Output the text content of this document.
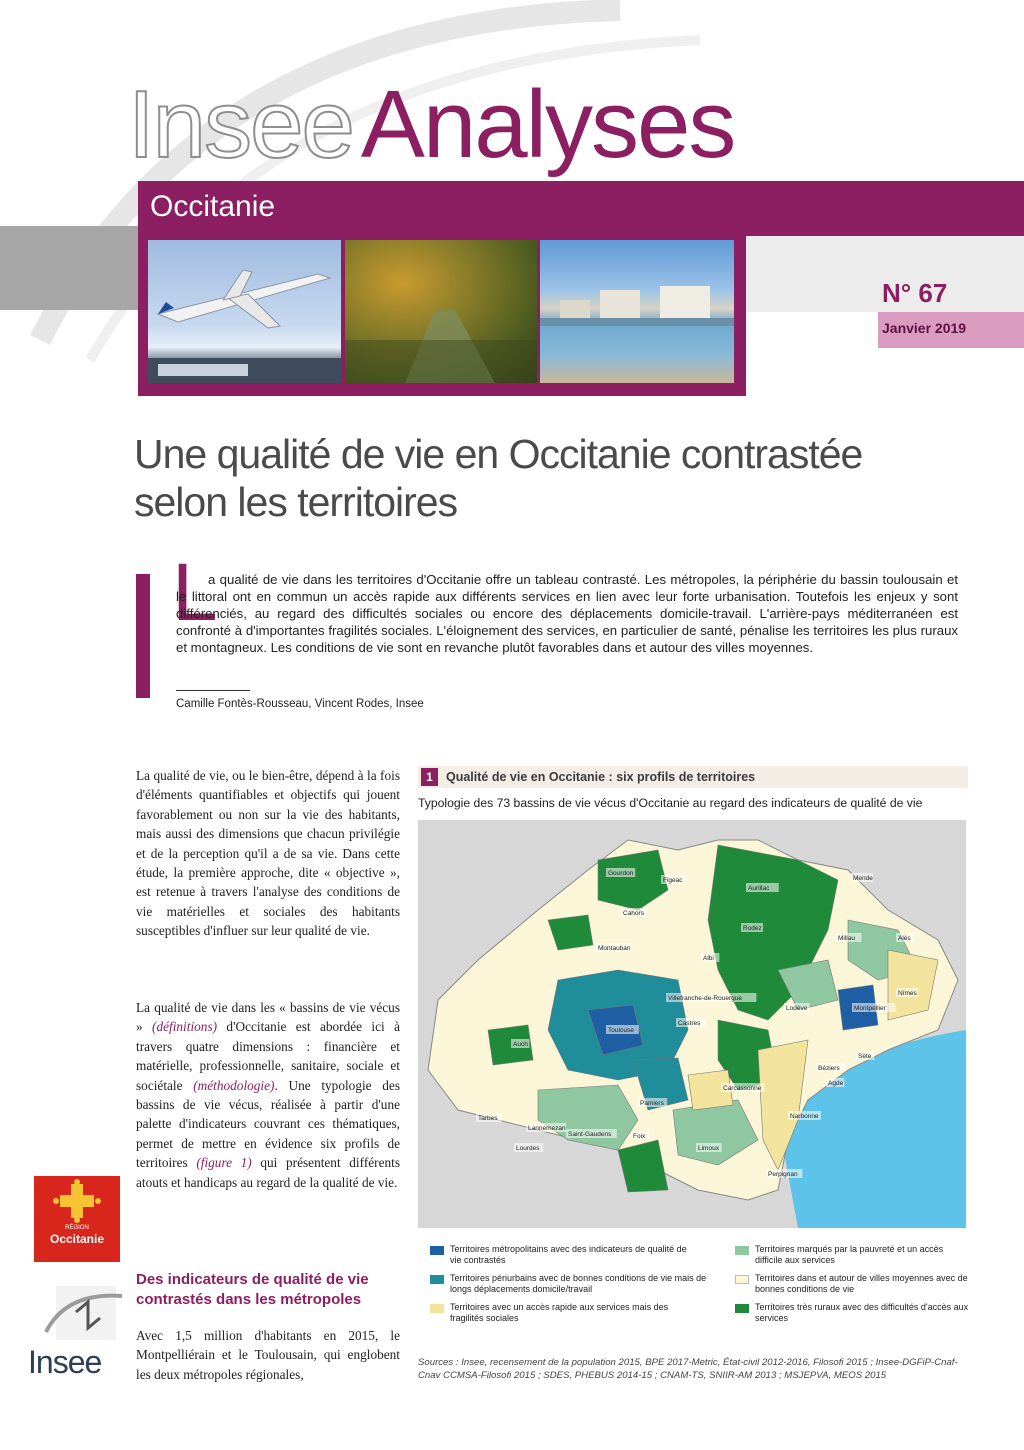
InseeAnalyses
Occitanie
N° 67
Janvier 2019
Une qualité de vie en Occitanie contrastée selon les territoires
L
a qualité de vie dans les territoires d'Occitanie offre un tableau contrasté. Les métropoles, la périphérie du bassin toulousain et le littoral ont en commun un accès rapide aux différents services en lien avec leur forte urbanisation. Toutefois les enjeux y sont différenciés, au regard des difficultés sociales ou encore des déplacements domicile-travail. L'arrière-pays méditerranéen est confronté à d'importantes fragilités sociales. L'éloignement des services, en particulier de santé, pénalise les territoires les plus ruraux et montagneux. Les conditions de vie sont en revanche plutôt favorables dans et autour des villes moyennes.
Camille Fontès-Rousseau, Vincent Rodes, Insee
La qualité de vie, ou le bien-être, dépend à la fois d'éléments quantifiables et objectifs qui jouent favorablement ou non sur la vie des habitants, mais aussi des dimensions que chacun privilégie et de la perception qu'il a de sa vie. Dans cette étude, la première approche, dite « objective », est retenue à travers l'analyse des conditions de vie matérielles et sociales des habitants susceptibles d'influer sur leur qualité de vie.
La qualité de vie dans les « bassins de vie vécus » (définitions) d'Occitanie est abordée ici à travers quatre dimensions : financière et matérielle, professionnelle, sanitaire, sociale et sociétale (méthodologie). Une typologie des bassins de vie vécus, réalisée à partir d'une palette d'indicateurs couvrant ces thématiques, permet de mettre en évidence six profils de territoires (figure 1) qui présentent différents atouts et handicaps au regard de la qualité de vie.
Des indicateurs de qualité de vie contrastés dans les métropoles
Avec 1,5 million d'habitants en 2015, le Montpelliérain et le Toulousain, qui englobent les deux métropoles régionales,
RÉGION
Occitanie
Insee
1	Qualité de vie en Occitanie : six profils de territoires
Typologie des 73 bassins de vie vécus d'Occitanie au regard des indicateurs de qualité de vie
Gourdon
Figeac
Cahors
Aurillac
Mende
Millau
Rodez
Albi
Montauban
Toulouse
Auch
Tarbes
Foix
Carcassonne
Narbonne
Perpignan
Béziers
Montpellier
Nîmes
Alès
Castres
Pamiers
Saint-Gaudens
Lourdes
Villefranche-de-Rouergue
Lannemezan
Limoux
Lodève
Sète
Agde
Territoires métropolitains avec des indicateurs de qualité de vie contrastés
Territoires périurbains avec de bonnes conditions de vie mais de longs déplacements domicile/travail
Territoires avec un accès rapide aux services mais des fragilités sociales
Territoires marqués par la pauvreté et un accès difficile aux services
Territoires dans et autour de villes moyennes avec de bonnes conditions de vie
Territoires très ruraux avec des difficultés d'accès aux services
Sources : Insee, recensement de la population 2015, BPE 2017-Metric, État-civil 2012-2016, Filosofi 2015 ; Insee-DGFiP-Cnaf-Cnav CCMSA-Filosofi 2015 ; SDES, PHEBUS 2014-15 ; CNAM-TS, SNIIR-AM 2013 ; MSJEPVA, MEOS 2015
